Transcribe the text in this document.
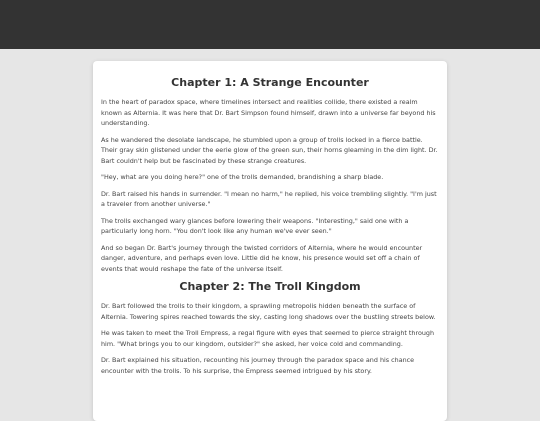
Chapter 1: A Strange Encounter

In the heart of paradox space, where timelines intersect and realities collide, there existed a realm known as Alternia. It was here that Dr. Bart Simpson found himself, drawn into a universe far beyond his understanding.

As he wandered the desolate landscape, he stumbled upon a group of trolls locked in a fierce battle. Their gray skin glistened under the eerie glow of the green sun, their horns gleaming in the dim light. Dr. Bart couldn't help but be fascinated by these strange creatures.

"Hey, what are you doing here?" one of the trolls demanded, brandishing a sharp blade.

Dr. Bart raised his hands in surrender. "I mean no harm," he replied, his voice trembling slightly. "I'm just a traveler from another universe."

The trolls exchanged wary glances before lowering their weapons. "Interesting," said one with a particularly long horn. "You don't look like any human we've ever seen."

And so began Dr. Bart's journey through the twisted corridors of Alternia, where he would encounter danger, adventure, and perhaps even love. Little did he know, his presence would set off a chain of events that would reshape the fate of the universe itself.

Chapter 2: The Troll Kingdom

Dr. Bart followed the trolls to their kingdom, a sprawling metropolis hidden beneath the surface of Alternia. Towering spires reached towards the sky, casting long shadows over the bustling streets below.

He was taken to meet the Troll Empress, a regal figure with eyes that seemed to pierce straight through him. "What brings you to our kingdom, outsider?" she asked, her voice cold and commanding.

Dr. Bart explained his situation, recounting his journey through the paradox space and his chance encounter with the trolls. To his surprise, the Empress seemed intrigued by his story.
